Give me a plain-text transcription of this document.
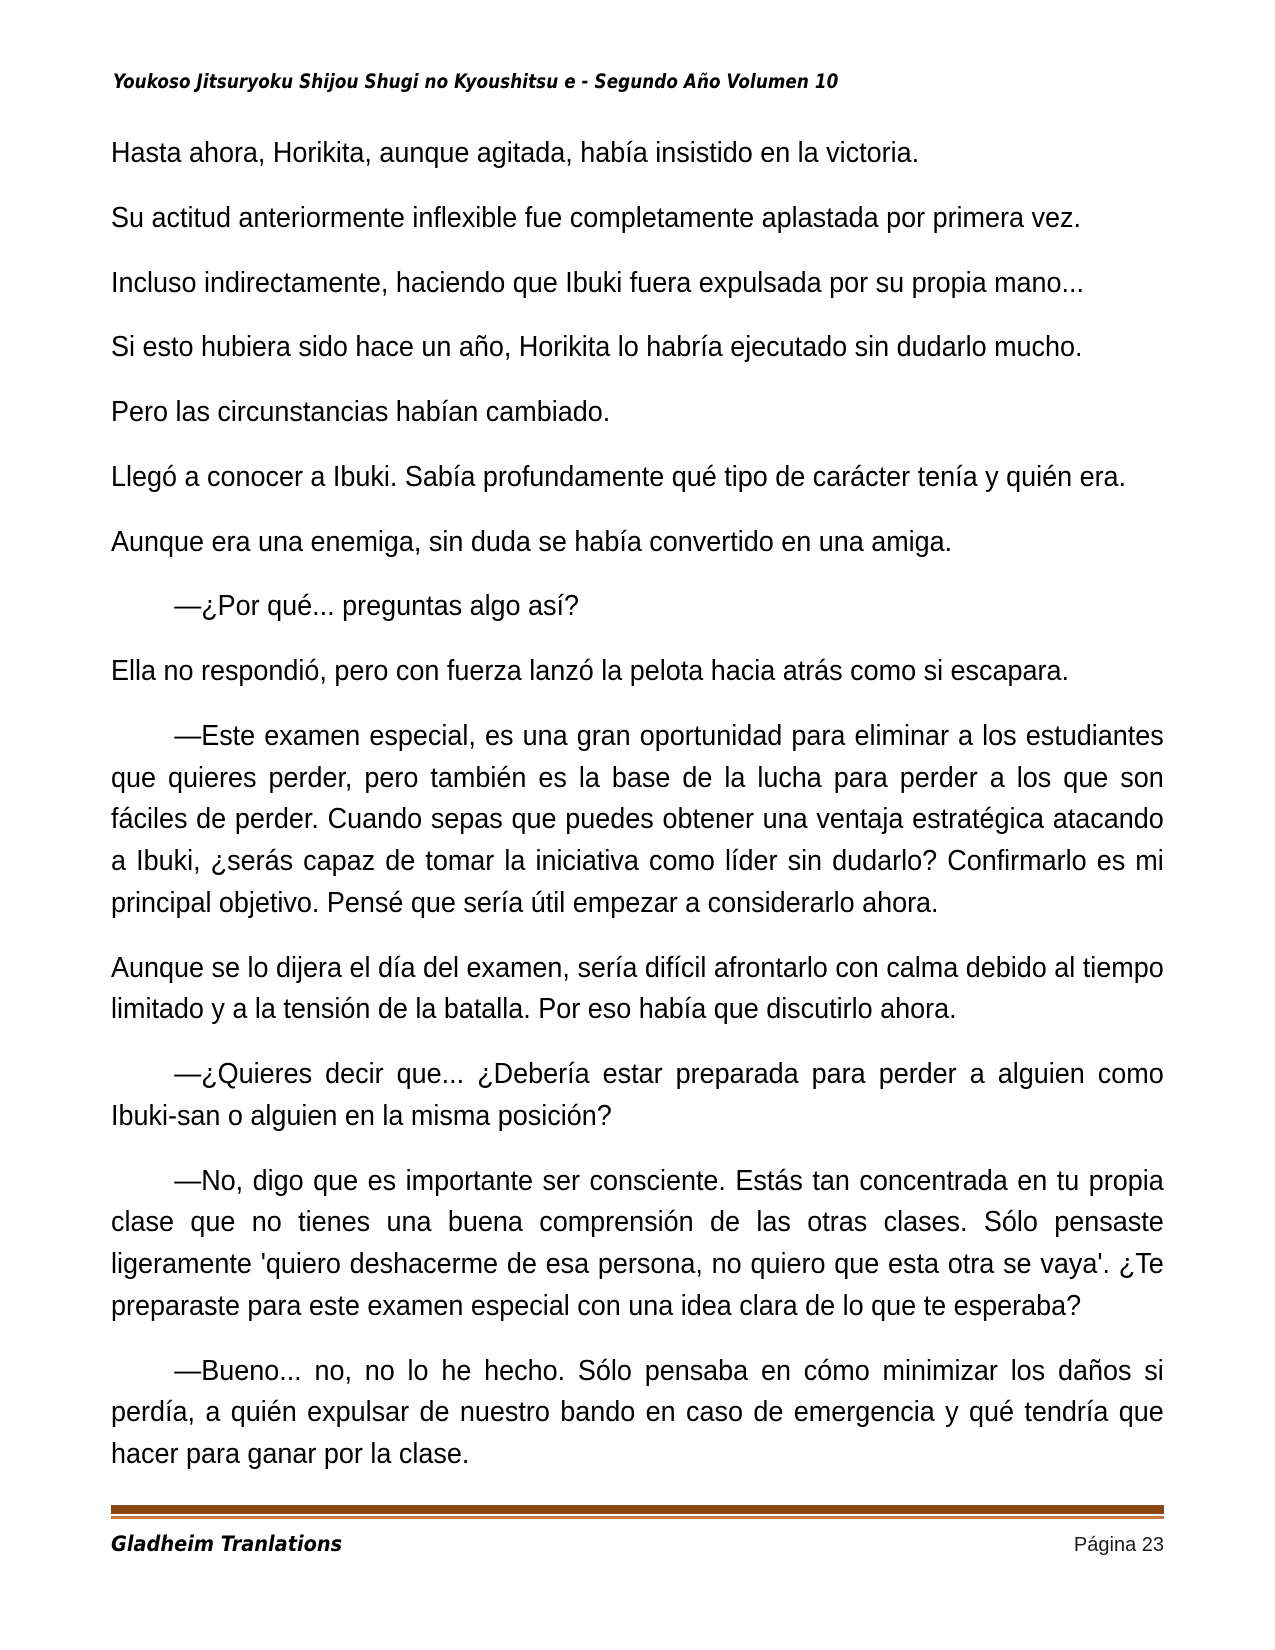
Youkoso Jitsuryoku Shijou Shugi no Kyoushitsu e - Segundo Año Volumen 10

Hasta ahora, Horikita, aunque agitada, había insistido en la victoria.

Su actitud anteriormente inflexible fue completamente aplastada por primera vez.

Incluso indirectamente, haciendo que Ibuki fuera expulsada por su propia mano...

Si esto hubiera sido hace un año, Horikita lo habría ejecutado sin dudarlo mucho.

Pero las circunstancias habían cambiado.

Llegó a conocer a Ibuki. Sabía profundamente qué tipo de carácter tenía y quién era.

Aunque era una enemiga, sin duda se había convertido en una amiga.

—¿Por qué... preguntas algo así?

Ella no respondió, pero con fuerza lanzó la pelota hacia atrás como si escapara.

—Este examen especial, es una gran oportunidad para eliminar a los estudiantes que quieres perder, pero también es la base de la lucha para perder a los que son fáciles de perder. Cuando sepas que puedes obtener una ventaja estratégica atacando a Ibuki, ¿serás capaz de tomar la iniciativa como líder sin dudarlo? Confirmarlo es mi principal objetivo. Pensé que sería útil empezar a considerarlo ahora.

Aunque se lo dijera el día del examen, sería difícil afrontarlo con calma debido al tiempo limitado y a la tensión de la batalla. Por eso había que discutirlo ahora.

—¿Quieres decir que... ¿Debería estar preparada para perder a alguien como Ibuki-san o alguien en la misma posición?

—No, digo que es importante ser consciente. Estás tan concentrada en tu propia clase que no tienes una buena comprensión de las otras clases. Sólo pensaste ligeramente 'quiero deshacerme de esa persona, no quiero que esta otra se vaya'. ¿Te preparaste para este examen especial con una idea clara de lo que te esperaba?

—Bueno... no, no lo he hecho. Sólo pensaba en cómo minimizar los daños si perdía, a quién expulsar de nuestro bando en caso de emergencia y qué tendría que hacer para ganar por la clase.

Gladheim Tranlations	Página 23
